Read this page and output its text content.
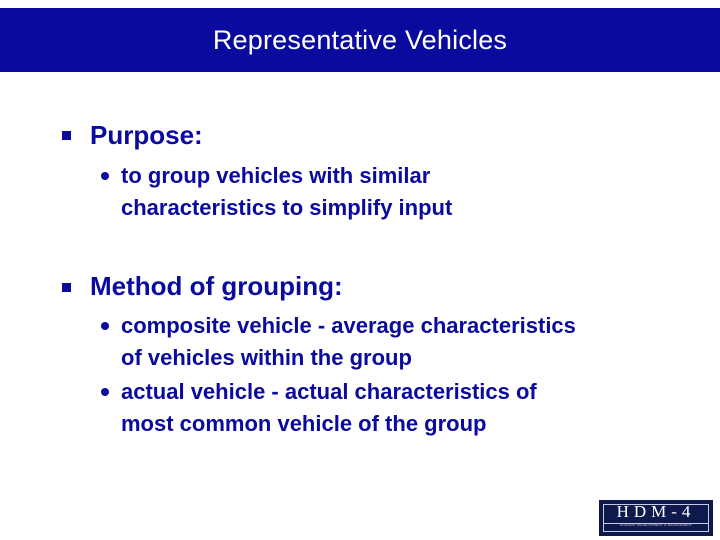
Representative Vehicles
Purpose:
to group vehicles with similar
characteristics to simplify input
Method of grouping:
composite vehicle - average characteristics
of vehicles within the group
actual vehicle - actual characteristics of
most common vehicle of the group
HDM-4
HIGHWAY DEVELOPMENT & MANAGEMENT
